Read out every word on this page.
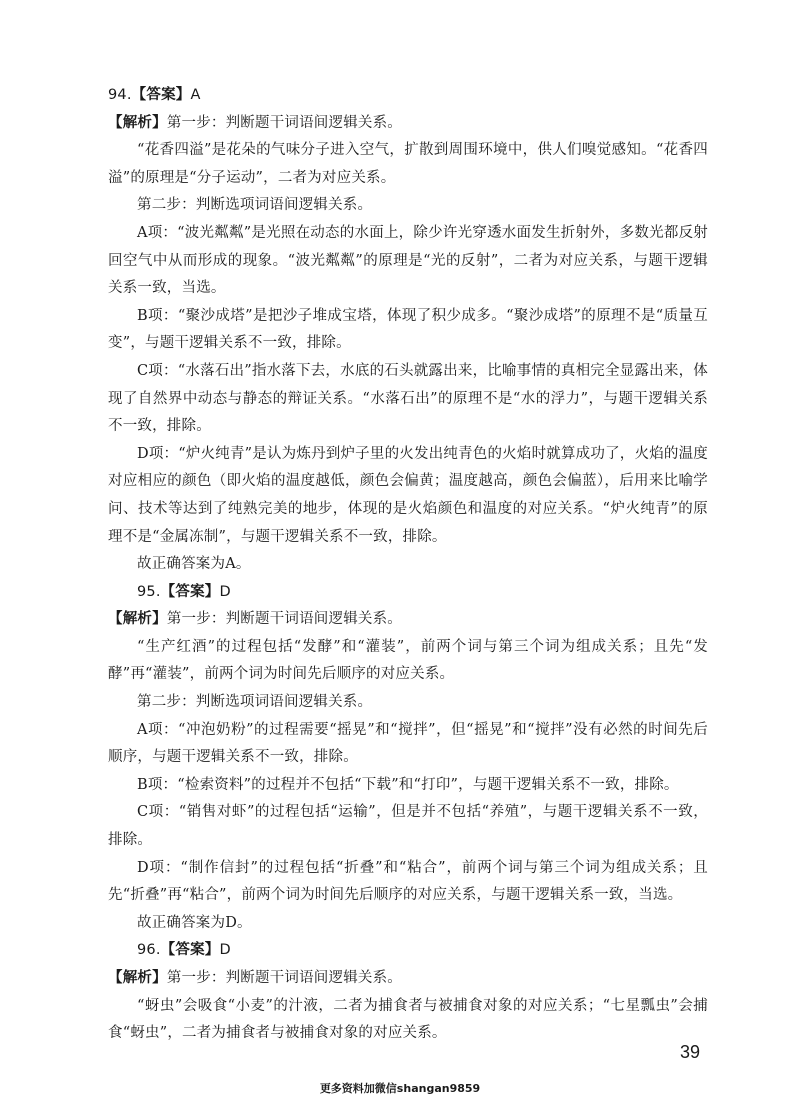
94.【答案】A

【解析】第一步：判断题干词语间逻辑关系。

“花香四溢”是花朵的气味分子进入空气，扩散到周围环境中，供人们嗅觉感知。“花香四溢”的原理是“分子运动”，二者为对应关系。

第二步：判断选项词语间逻辑关系。

A项：“波光粼粼”是光照在动态的水面上，除少许光穿透水面发生折射外，多数光都反射回空气中从而形成的现象。“波光粼粼”的原理是“光的反射”，二者为对应关系，与题干逻辑关系一致，当选。

B项：“聚沙成塔”是把沙子堆成宝塔，体现了积少成多。“聚沙成塔”的原理不是“质量互变”，与题干逻辑关系不一致，排除。

C项：“水落石出”指水落下去，水底的石头就露出来，比喻事情的真相完全显露出来，体现了自然界中动态与静态的辩证关系。“水落石出”的原理不是“水的浮力”，与题干逻辑关系不一致，排除。

D项：“炉火纯青”是认为炼丹到炉子里的火发出纯青色的火焰时就算成功了，火焰的温度对应相应的颜色（即火焰的温度越低，颜色会偏黄；温度越高，颜色会偏蓝），后用来比喻学问、技术等达到了纯熟完美的地步，体现的是火焰颜色和温度的对应关系。“炉火纯青”的原理不是“金属冻制”，与题干逻辑关系不一致，排除。

故正确答案为A。

95.【答案】D

【解析】第一步：判断题干词语间逻辑关系。

“生产红酒”的过程包括“发酵”和“灌装”，前两个词与第三个词为组成关系；且先“发酵”再“灌装”，前两个词为时间先后顺序的对应关系。

第二步：判断选项词语间逻辑关系。

A项：“冲泡奶粉”的过程需要“摇晃”和“搅拌”，但“摇晃”和“搅拌”没有必然的时间先后顺序，与题干逻辑关系不一致，排除。

B项：“检索资料”的过程并不包括“下载”和“打印”，与题干逻辑关系不一致，排除。

C项：“销售对虾”的过程包括“运输”，但是并不包括“养殖”，与题干逻辑关系不一致，排除。

D项：“制作信封”的过程包括“折叠”和“粘合”，前两个词与第三个词为组成关系；且先“折叠”再“粘合”，前两个词为时间先后顺序的对应关系，与题干逻辑关系一致，当选。

故正确答案为D。

96.【答案】D

【解析】第一步：判断题干词语间逻辑关系。

“蚜虫”会吸食“小麦”的汁液，二者为捕食者与被捕食对象的对应关系；“七星瓢虫”会捕食“蚜虫”，二者为捕食者与被捕食对象的对应关系。

39
更多资料加微信shangan9859
